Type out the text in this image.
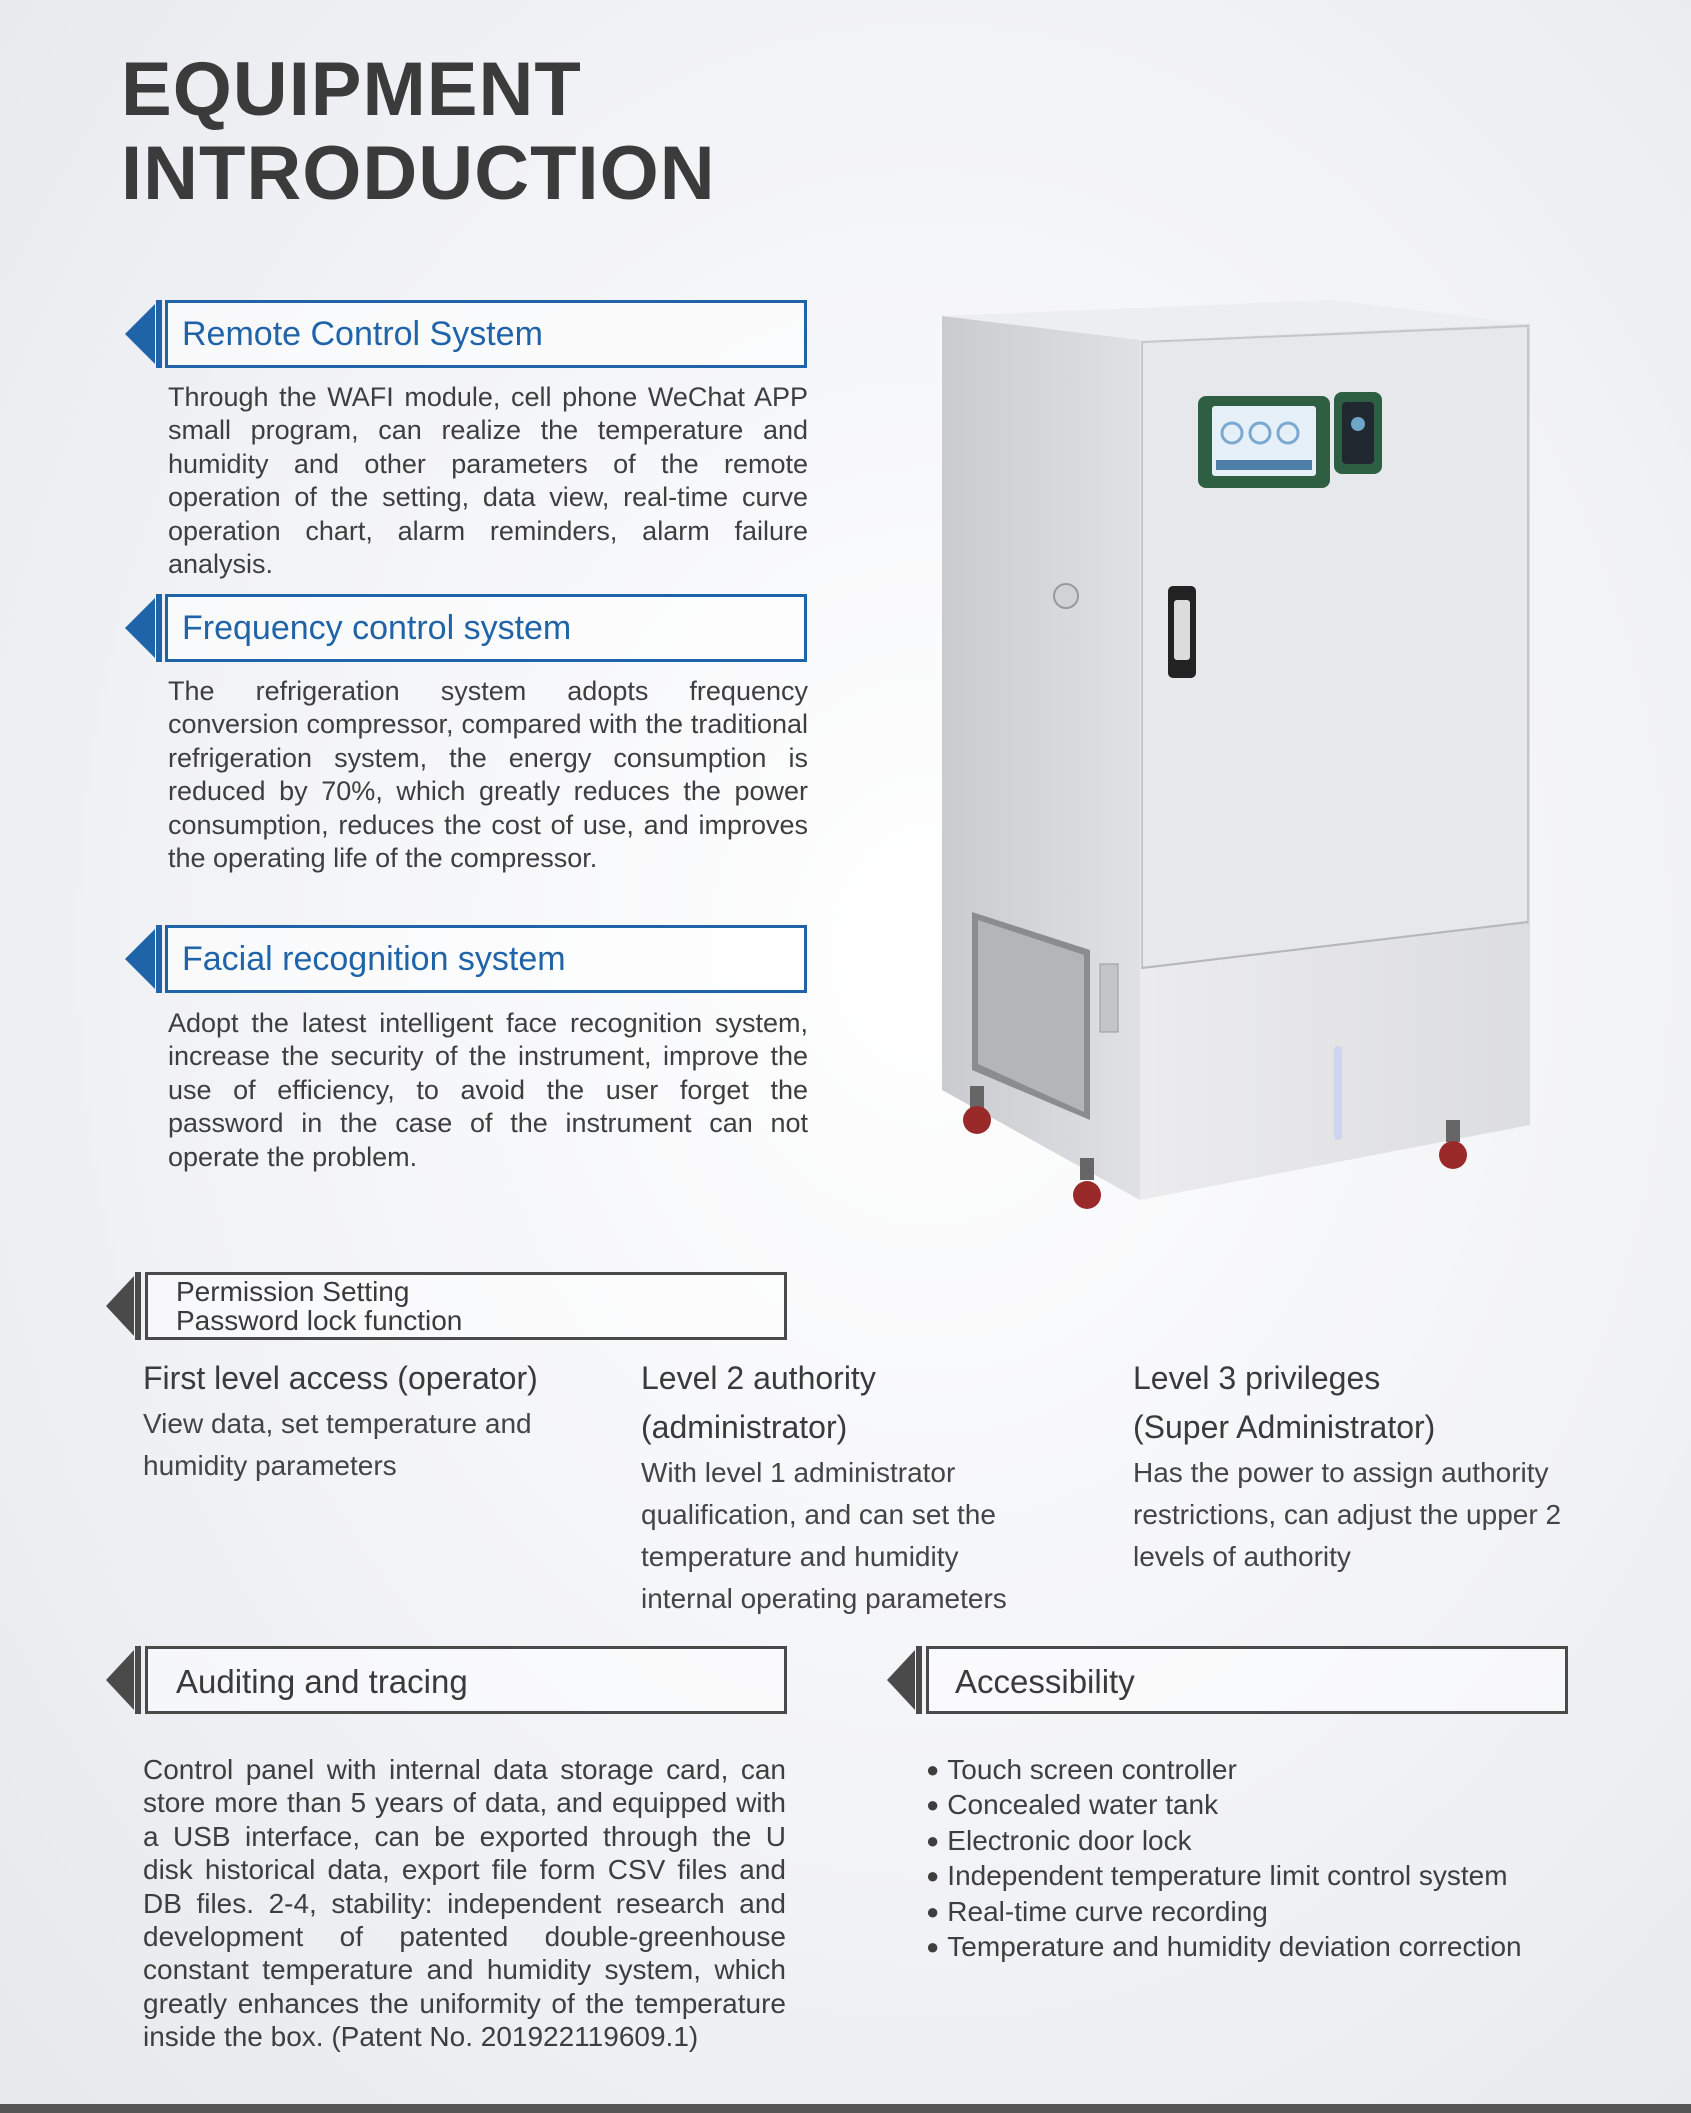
EQUIPMENT
INTRODUCTION
Remote Control System

Through the WAFI module, cell phone WeChat APP small program, can realize the temperature and humidity and other parameters of the remote operation of the setting, data view, real-time curve operation chart, alarm reminders, alarm failure analysis.

Frequency control system

The refrigeration system adopts frequency conversion compressor, compared with the traditional refrigeration system, the energy consumption is reduced by 70%, which greatly reduces the power consumption, reduces the cost of use, and improves the operating life of the compressor.

Facial recognition system

Adopt the latest intelligent face recognition system, increase the security of the instrument, improve the use of efficiency, to avoid the user forget the password in the case of the instrument can not operate the problem.

Permission Setting
Password lock function

First level access (operator)

View data, set temperature and humidity parameters

Level 2 authority (administrator)

With level 1 administrator qualification, and can set the temperature and humidity internal operating parameters

Level 3 privileges (Super Administrator)

Has the power to assign authority restrictions, can adjust the upper 2 levels of authority

Auditing and tracing

Control panel with internal data storage card, can store more than 5 years of data, and equipped with a USB interface, can be exported through the U disk historical data, export file form CSV files and DB files. 2-4, stability: independent research and development of patented double-greenhouse constant temperature and humidity system, which greatly enhances the uniformity of the temperature inside the box. (Patent No. 201922119609.1)

Accessibility
● Touch screen controller
● Concealed water tank
● Electronic door lock
● Independent temperature limit control system
● Real-time curve recording
● Temperature and humidity deviation correction
